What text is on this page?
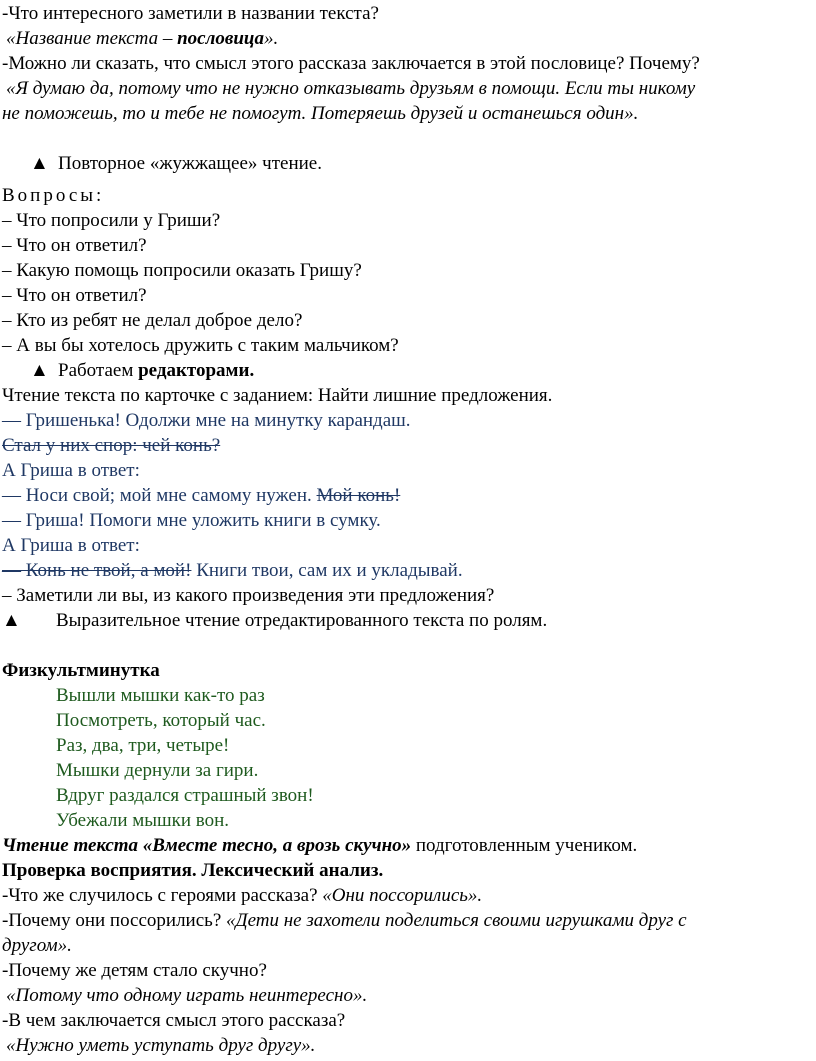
-Что интересного заметили в названии текста?
«Название текста – пословица».
-Можно ли сказать, что смысл этого рассказа заключается в этой пословице? Почему?
«Я думаю да, потому что не нужно отказывать друзьям в помощи. Если ты никому
не поможешь, то и тебе не помогут. Потеряешь друзей и останешься один».
▲ Повторное «жужжащее» чтение.
Вопросы:
– Что попросили у Гриши?
– Что он ответил?
– Какую помощь попросили оказать Гришу?
– Что он ответил?
– Кто из ребят не делал доброе дело?
– А вы бы хотелось дружить с таким мальчиком?
▲ Работаем редакторами.
Чтение текста по карточке с заданием: Найти лишние предложения.
— Гришенька! Одолжи мне на минутку карандаш.
Стал у них спор: чей конь?
А Гриша в ответ:
— Носи свой; мой мне самому нужен. Мой конь!
— Гриша! Помоги мне уложить книги в сумку.
А Гриша в ответ:
— Конь не твой, а мой! Книги твои, сам их и укладывай.
– Заметили ли вы, из какого произведения эти предложения?
▲ Выразительное чтение отредактированного текста по ролям.
Физкультминутка
Вышли мышки как-то раз
Посмотреть, который час.
Раз, два, три, четыре!
Мышки дернули за гири.
Вдруг раздался страшный звон!
Убежали мышки вон.
Чтение текста «Вместе тесно, а врозь скучно» подготовленным учеником.
Проверка восприятия. Лексический анализ.
-Что же случилось с героями рассказа? «Они поссорились».
-Почему они поссорились? «Дети не захотели поделиться своими игрушками друг с
другом».
-Почему же детям стало скучно?
«Потому что одному играть неинтересно».
-В чем заключается смысл этого рассказа?
«Нужно уметь уступать друг другу».
